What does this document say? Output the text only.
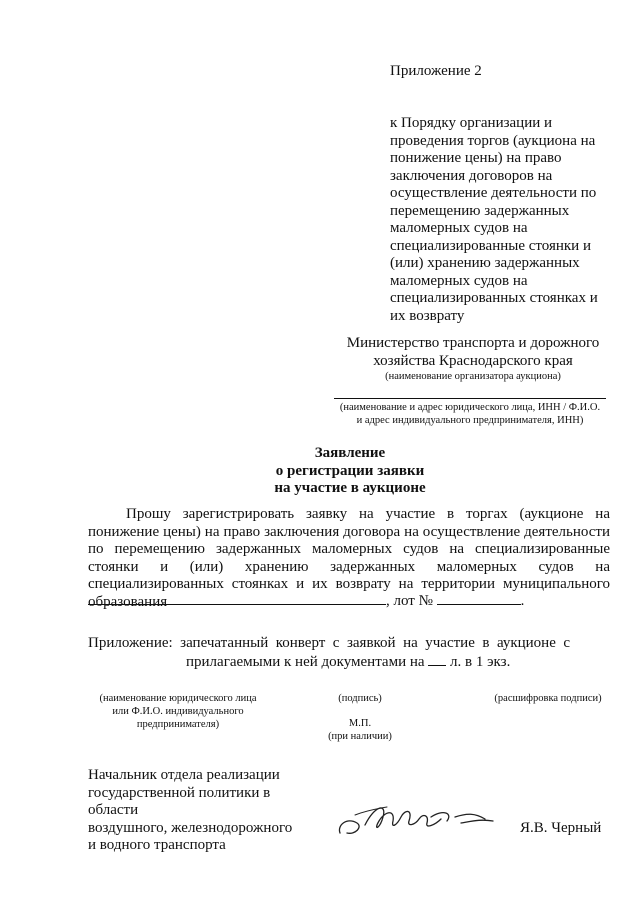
Приложение 2
к Порядку организации и
проведения торгов (аукциона на
понижение цены) на право
заключения договоров на
осуществление деятельности по
перемещению задержанных
маломерных судов на
специализированные стоянки и
(или) хранению задержанных
маломерных судов на
специализированных стоянках и
их возврату
Министерство транспорта и дорожного
хозяйства Краснодарского края
(наименование организатора аукциона)
(наименование и адрес юридического лица, ИНН / Ф.И.О.
и адрес индивидуального предпринимателя, ИНН)
Заявление
о регистрации заявки
на участие в аукционе
Прошу зарегистрировать заявку на участие в торгах (аукционе на понижение цены) на право заключения договора на осуществление деятельности по перемещению задержанных маломерных судов на специализированные стоянки и (или) хранению задержанных маломерных судов на специализированных стоянках и их возврату на территории муниципального образования	, лот №	.
Приложение:  запечатанный  конверт  с  заявкой  на  участие  в  аукционе  с
прилагаемыми к ней документами на л. в 1 экз.
(наименование юридического лица
или Ф.И.О. индивидуального
предпринимателя)
(подпись)	(расшифровка подписи)
М.П.
(при наличии)
Начальник отдела реализации
государственной политики в области
воздушного, железнодорожного
и водного транспорта
Я.В. Черный
